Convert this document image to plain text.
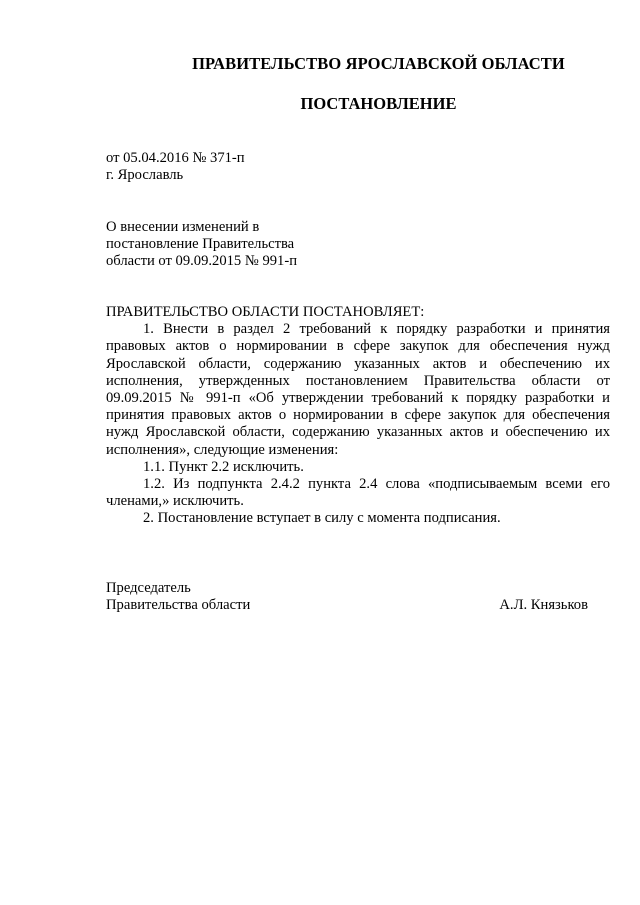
ПРАВИТЕЛЬСТВО ЯРОСЛАВСКОЙ ОБЛАСТИ
ПОСТАНОВЛЕНИЕ
от 05.04.2016 № 371-п
г. Ярославль
О внесении изменений в
постановление Правительства
области от 09.09.2015 № 991-п
ПРАВИТЕЛЬСТВО ОБЛАСТИ ПОСТАНОВЛЯЕТ:

1. Внести в раздел 2 требований к порядку разработки и принятия правовых актов о нормировании в сфере закупок для обеспечения нужд Ярославской области, содержанию указанных актов и обеспечению их исполнения, утвержденных постановлением Правительства области от 09.09.2015 № 991-п «Об утверждении требований к порядку разработки и принятия правовых актов о нормировании в сфере закупок для обеспечения нужд Ярославской области, содержанию указанных актов и обеспечению их исполнения», следующие изменения:

1.1. Пункт 2.2 исключить.

1.2. Из подпункта 2.4.2 пункта 2.4 слова «подписываемым всеми его членами,» исключить.

2. Постановление вступает в силу с момента подписания.

Председатель
Правительства области	А.Л. Князьков
